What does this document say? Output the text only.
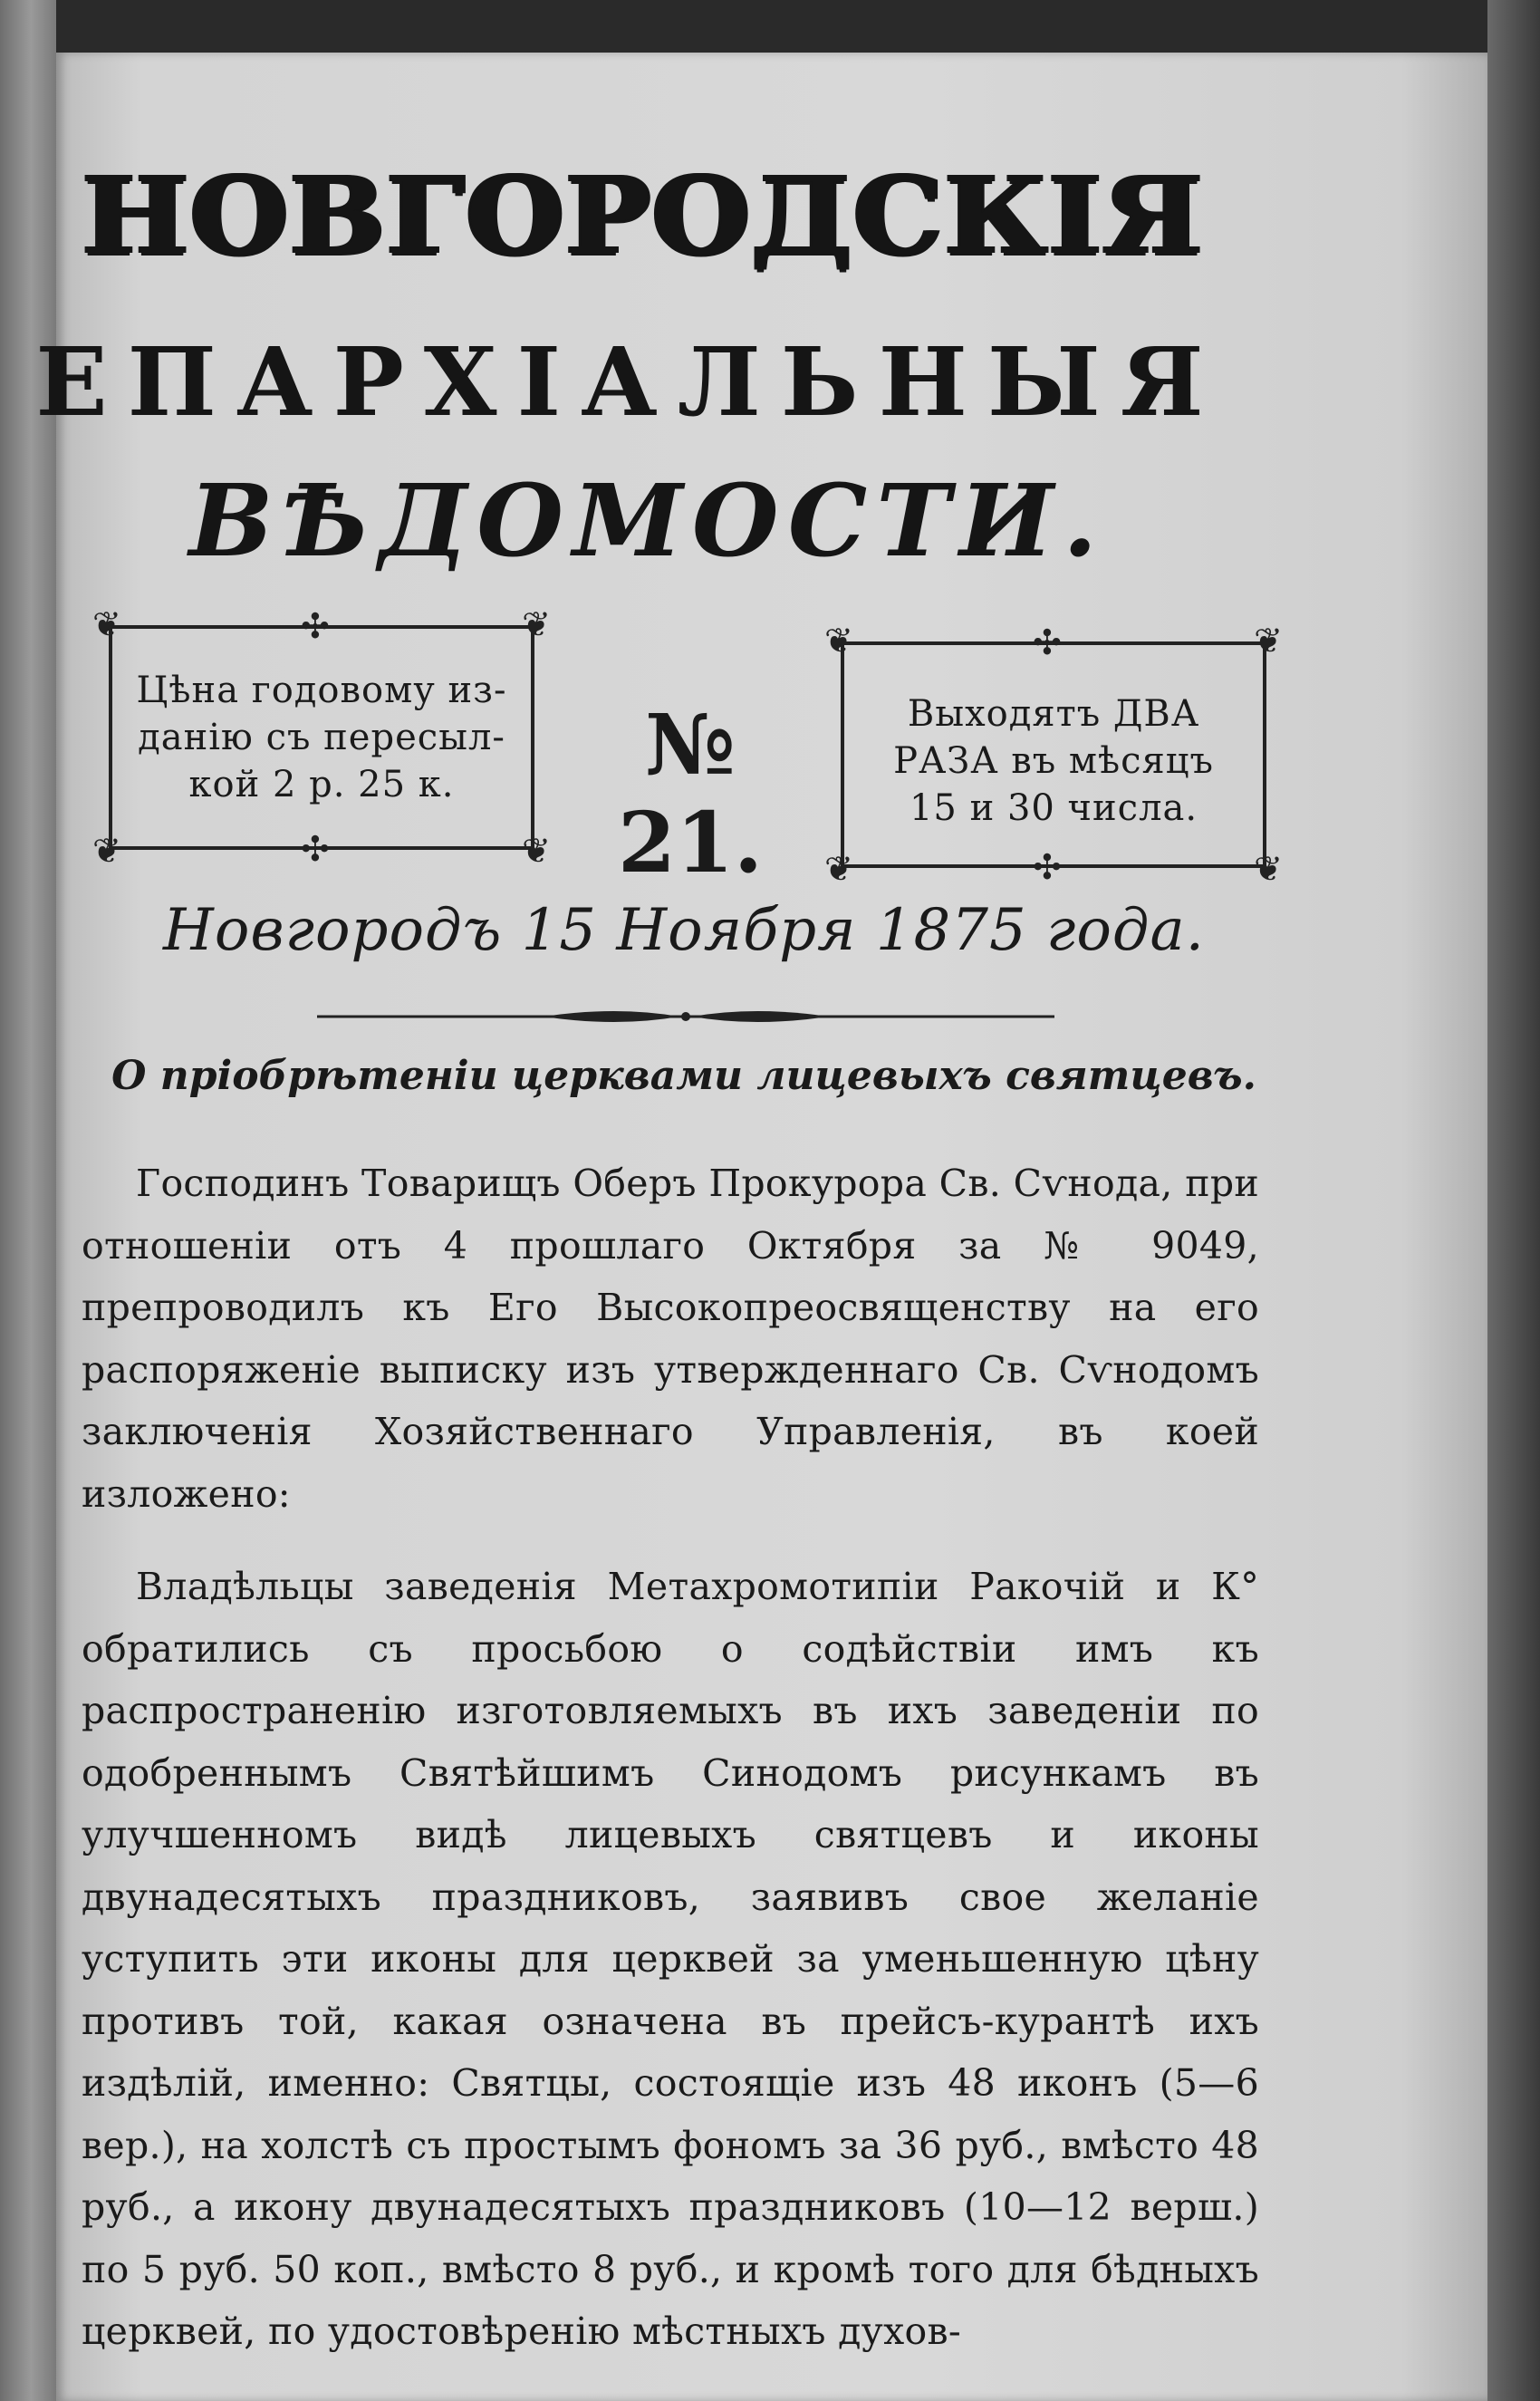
НОВГОРОДСКІЯ
ЕПАРХІАЛЬНЫЯ
ВѢДОМОСТИ.
❦	❦
❦	❦
✣
✣
Цѣна годовому из-
данію съ пересыл-
кой 2 р. 25 к.	№ 21.
❦	❦
❦	❦
✣
✣
Выходятъ ДВА
РАЗА въ мѣсяцъ
15 и 30 числа.
Новгородъ 15 Ноября 1875 года.
О пріобрѣтеніи церквами лицевыхъ святцевъ.

Господинъ Товарищъ Оберъ Прокурора Св. Сѵнода, при отношеніи отъ 4 прошлаго Октября за № 9049, препроводилъ къ Его Высокопреосвященству на его распоряженіе выписку изъ утвержденнаго Св. Сѵнодомъ заключенія Хозяйственнаго Управленія, въ коей изложено:

Владѣльцы заведенія Метахромотипіи Ракочій и К° обратились съ просьбою о содѣйствіи имъ къ распространенію изготовляемыхъ въ ихъ заведеніи по одобреннымъ Святѣйшимъ Синодомъ рисункамъ въ улучшенномъ видѣ лицевыхъ святцевъ и иконы двунадесятыхъ праздниковъ, заявивъ свое желаніе уступить эти иконы для церквей за уменьшенную цѣну противъ той, какая означена въ прейсъ-курантѣ ихъ издѣлій, именно: Святцы, состоящіе изъ 48 иконъ (5—6 вер.), на холстѣ съ простымъ фономъ за 36 руб., вмѣсто 48 руб., а икону двунадесятыхъ праздниковъ (10—12 верш.) по 5 руб. 50 коп., вмѣсто 8 руб., и кромѣ того для бѣдныхъ церквей, по удостовѣренію мѣстныхъ духов-
